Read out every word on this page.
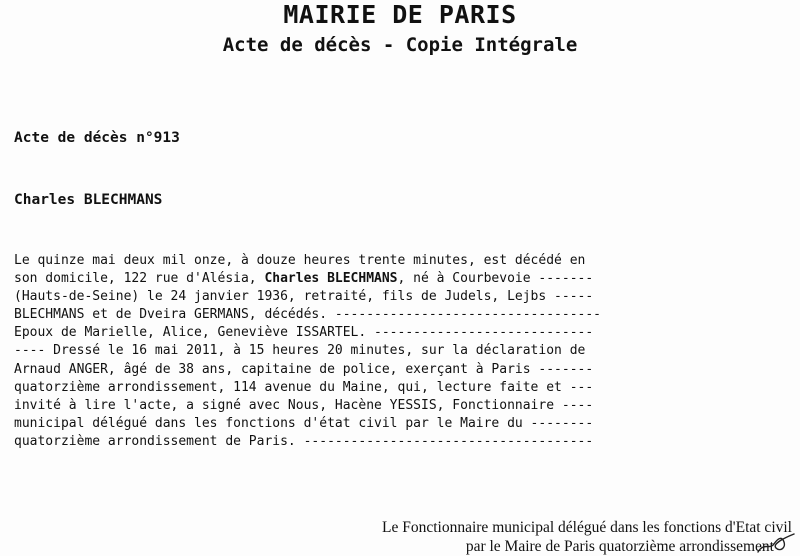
MAIRIE DE PARIS
Acte de décès - Copie Intégrale
Acte de décès n°913
Charles BLECHMANS
Le quinze mai deux mil onze, à douze heures trente minutes, est décédé en
son domicile, 122 rue d'Alésia, Charles BLECHMANS, né à Courbevoie -------
(Hauts-de-Seine) le 24 janvier 1936, retraité, fils de Judels, Lejbs -----
BLECHMANS et de Dveira GERMANS, décédés. ----------------------------------
Epoux de Marielle, Alice, Geneviève ISSARTEL. ----------------------------
---- Dressé le 16 mai 2011, à 15 heures 20 minutes, sur la déclaration de
Arnaud ANGER, âgé de 38 ans, capitaine de police, exerçant à Paris -------
quatorzième arrondissement, 114 avenue du Maine, qui, lecture faite et ---
invité à lire l'acte, a signé avec Nous, Hacène YESSIS, Fonctionnaire ----
municipal délégué dans les fonctions d'état civil par le Maire du --------
quatorzième arrondissement de Paris. -------------------------------------
Le Fonctionnaire municipal délégué dans les fonctions d'Etat civil

par le Maire de Paris quatorzième arrondissement
